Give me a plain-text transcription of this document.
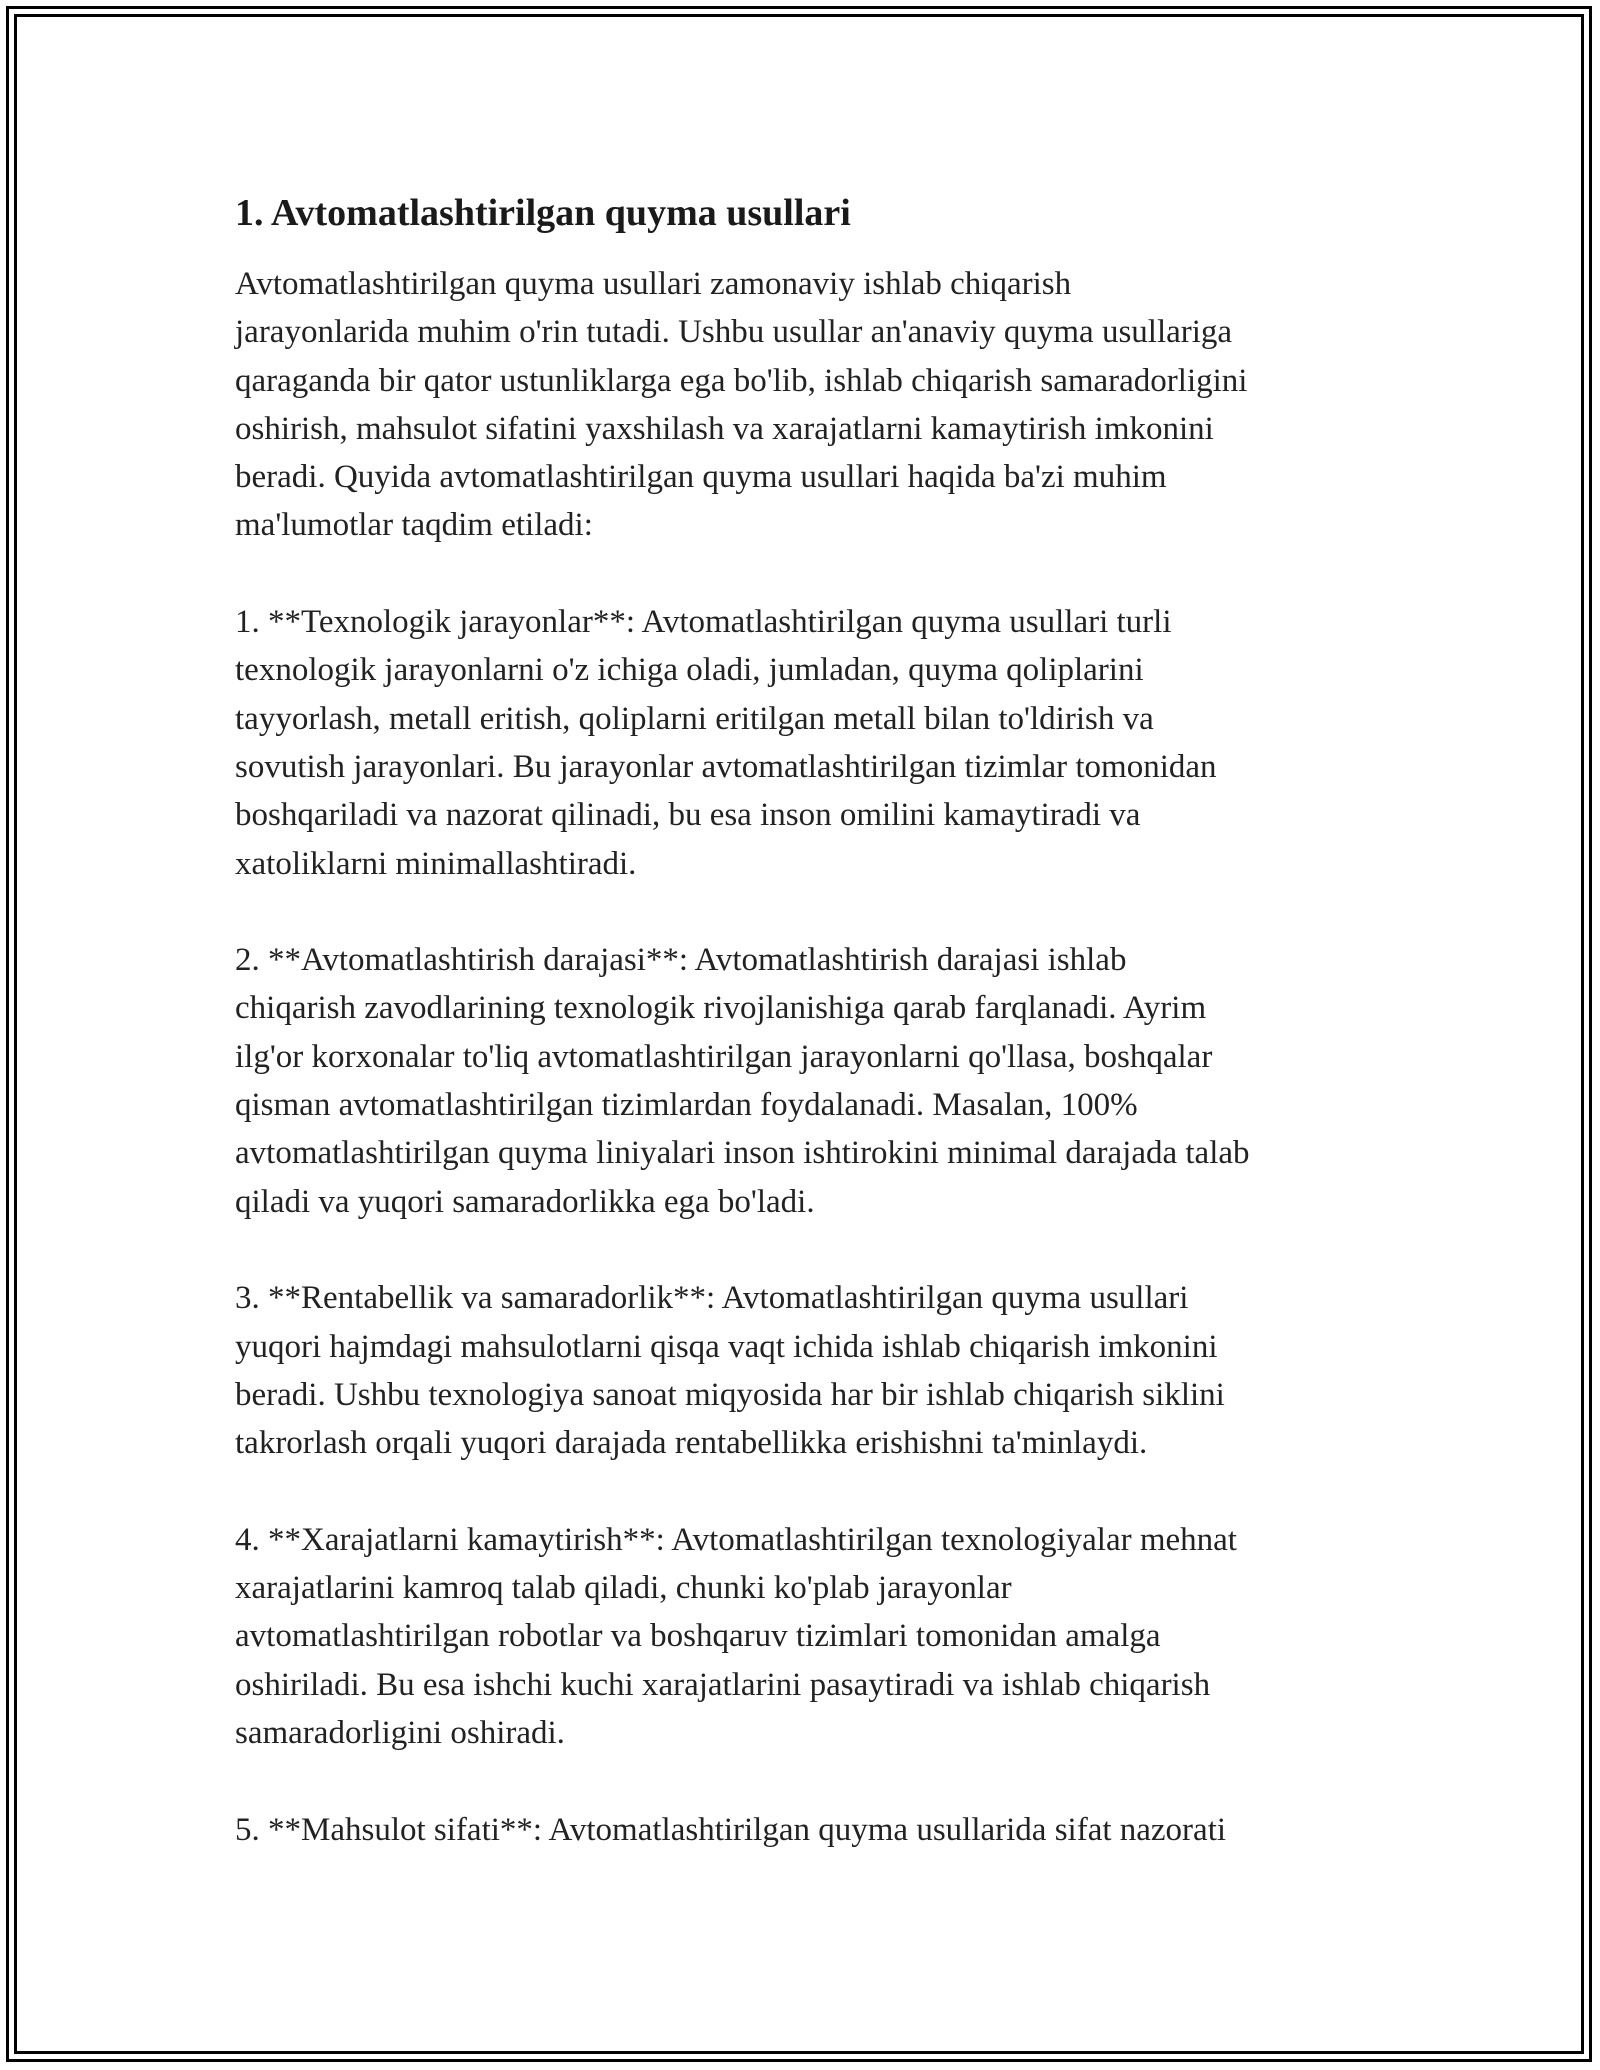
1. Avtomatlashtirilgan quyma usullari

Avtomatlashtirilgan quyma usullari zamonaviy ishlab chiqarish
jarayonlarida muhim o'rin tutadi. Ushbu usullar an'anaviy quyma usullariga
qaraganda bir qator ustunliklarga ega bo'lib, ishlab chiqarish samaradorligini
oshirish, mahsulot sifatini yaxshilash va xarajatlarni kamaytirish imkonini
beradi. Quyida avtomatlashtirilgan quyma usullari haqida ba'zi muhim
ma'lumotlar taqdim etiladi:

1. **Texnologik jarayonlar**: Avtomatlashtirilgan quyma usullari turli
texnologik jarayonlarni o'z ichiga oladi, jumladan, quyma qoliplarini
tayyorlash, metall eritish, qoliplarni eritilgan metall bilan to'ldirish va
sovutish jarayonlari. Bu jarayonlar avtomatlashtirilgan tizimlar tomonidan
boshqariladi va nazorat qilinadi, bu esa inson omilini kamaytiradi va
xatoliklarni minimallashtiradi.

2. **Avtomatlashtirish darajasi**: Avtomatlashtirish darajasi ishlab
chiqarish zavodlarining texnologik rivojlanishiga qarab farqlanadi. Ayrim
ilg'or korxonalar to'liq avtomatlashtirilgan jarayonlarni qo'llasa, boshqalar
qisman avtomatlashtirilgan tizimlardan foydalanadi. Masalan, 100%
avtomatlashtirilgan quyma liniyalari inson ishtirokini minimal darajada talab
qiladi va yuqori samaradorlikka ega bo'ladi.

3. **Rentabellik va samaradorlik**: Avtomatlashtirilgan quyma usullari
yuqori hajmdagi mahsulotlarni qisqa vaqt ichida ishlab chiqarish imkonini
beradi. Ushbu texnologiya sanoat miqyosida har bir ishlab chiqarish siklini
takrorlash orqali yuqori darajada rentabellikka erishishni ta'minlaydi.

4. **Xarajatlarni kamaytirish**: Avtomatlashtirilgan texnologiyalar mehnat
xarajatlarini kamroq talab qiladi, chunki ko'plab jarayonlar
avtomatlashtirilgan robotlar va boshqaruv tizimlari tomonidan amalga
oshiriladi. Bu esa ishchi kuchi xarajatlarini pasaytiradi va ishlab chiqarish
samaradorligini oshiradi.

5. **Mahsulot sifati**: Avtomatlashtirilgan quyma usullarida sifat nazorati
